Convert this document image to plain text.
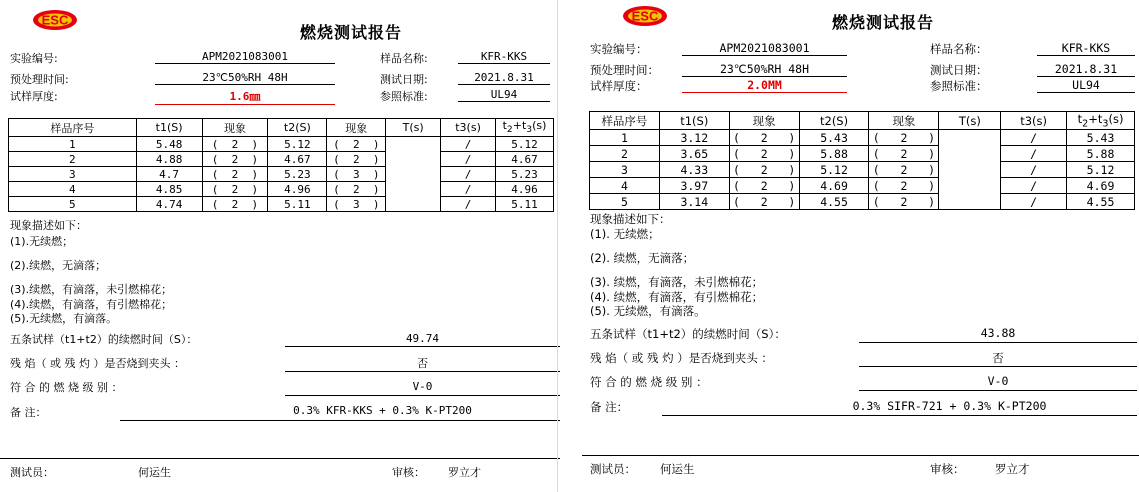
ESC
燃烧测试报告
实验编号:	APM2021083001	样品名称:	KFR-KKS
预处理时间:	23℃50%RH 48H	测试日期:	2021.8.31
试样厚度:	1.6㎜	参照标准:	UL94
样品序号	t1(S)	现象	t2(S)	现象	T(s)	t3(s)	$t_2+t_3(s)$
1	5.48	(  2  )	5.12	(  2  )		/	5.12
2	4.88	(  2  )	4.67	(  2  )		/	4.67
3	4.7	(  2  )	5.23	(  3  )		/	5.23
4	4.85	(  2  )	4.96	(  2  )		/	4.96
5	4.74	(  2  )	5.11	(  3  )		/	5.11
现象描述如下：
(1).无续燃；
(2).续燃，无滴落；
(3).续燃，有滴落，未引燃棉花；
(4).续燃，有滴落，有引燃棉花；
(5).无续燃，有滴落。
五条试样（t1+t2）的续燃时间（S）：	49.74
残 焰（ 或 残 灼 ）是否烧到夹头 ：	否
符 合 的 燃 烧 级 别 ：	V-0
备 注：	0.3% KFR-KKS + 0.3% K-PT200
测试员：	何运生	审核： 罗立才
ESC	燃烧测试报告
实验编号：	APM2021083001	样品名称：	KFR-KKS
预处理时间：	23℃50%RH 48H	测试日期：	2021.8.31
试样厚度：	2.0MM	参照标准：	UL94
样品序号	t1(S)	现象	t2(S)	现象	T(s)	t3(s)	$t_2+t_3(s)$
1	3.12	(   2   )	5.43	(   2   )		/	5.43
2	3.65	(   2   )	5.88	(   2   )		/	5.88
3	4.33	(   2   )	5.12	(   2   )		/	5.12
4	3.97	(   2   )	4.69	(   2   )		/	4.69
5	3.14	(   2   )	4.55	(   2   )		/	4.55
现象描述如下：
(1). 无续燃；
(2). 续燃，无滴落；
(3). 续燃，有滴落，未引燃棉花；
(4). 续燃，有滴落，有引燃棉花；
(5). 无续燃，有滴落。
五条试样（t1+t2）的续燃时间（S）：	43.88
残 焰（ 或 残 灼 ）是否烧到夹头 ：	否
符 合 的 燃 烧 级 别 ：	V-0
备 注：	0.3% SIFR-721 + 0.3% K-PT200
测试员： 何运生	审核：	罗立才
